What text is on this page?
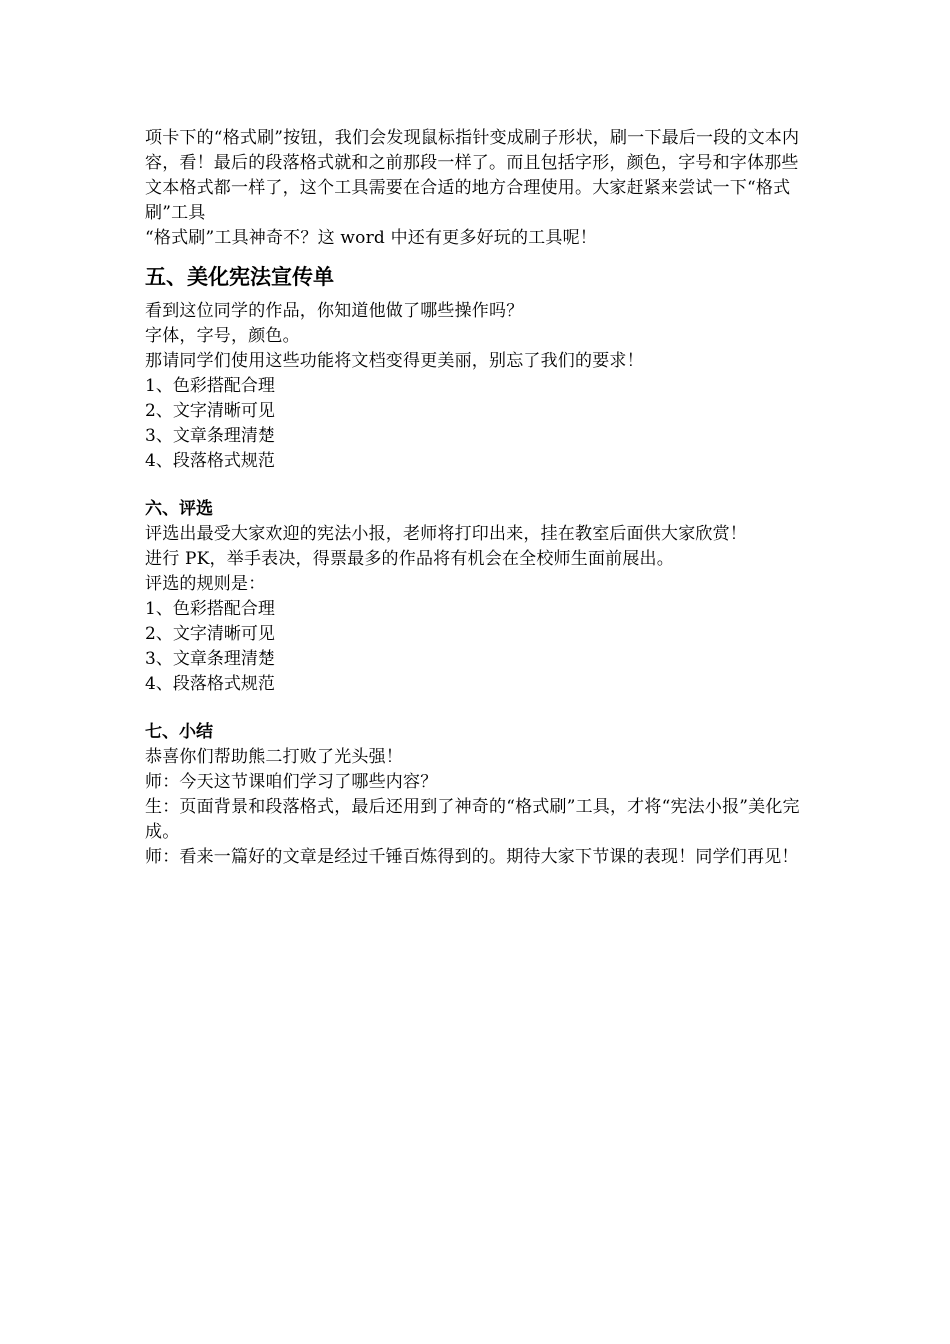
项卡下的“格式刷”按钮，我们会发现鼠标指针变成刷子形状，刷一下最后一段的文本内容，看！最后的段落格式就和之前那段一样了。而且包括字形，颜色，字号和字体那些文本格式都一样了，这个工具需要在合适的地方合理使用。大家赶紧来尝试一下“格式刷”工具

“格式刷”工具神奇不？这 word 中还有更多好玩的工具呢！

五、美化宪法宣传单

看到这位同学的作品，你知道他做了哪些操作吗？

字体，字号，颜色。

那请同学们使用这些功能将文档变得更美丽，别忘了我们的要求！

1、色彩搭配合理
2、文字清晰可见
3、文章条理清楚
4、段落格式规范
六、评选

评选出最受大家欢迎的宪法小报，老师将打印出来，挂在教室后面供大家欣赏！

进行 PK，举手表决，得票最多的作品将有机会在全校师生面前展出。

评选的规则是：

1、色彩搭配合理
2、文字清晰可见
3、文章条理清楚
4、段落格式规范
七、小结

恭喜你们帮助熊二打败了光头强！

师：今天这节课咱们学习了哪些内容？

生：页面背景和段落格式，最后还用到了神奇的“格式刷”工具，才将“宪法小报”美化完成。

师：看来一篇好的文章是经过千锤百炼得到的。期待大家下节课的表现！同学们再见！
